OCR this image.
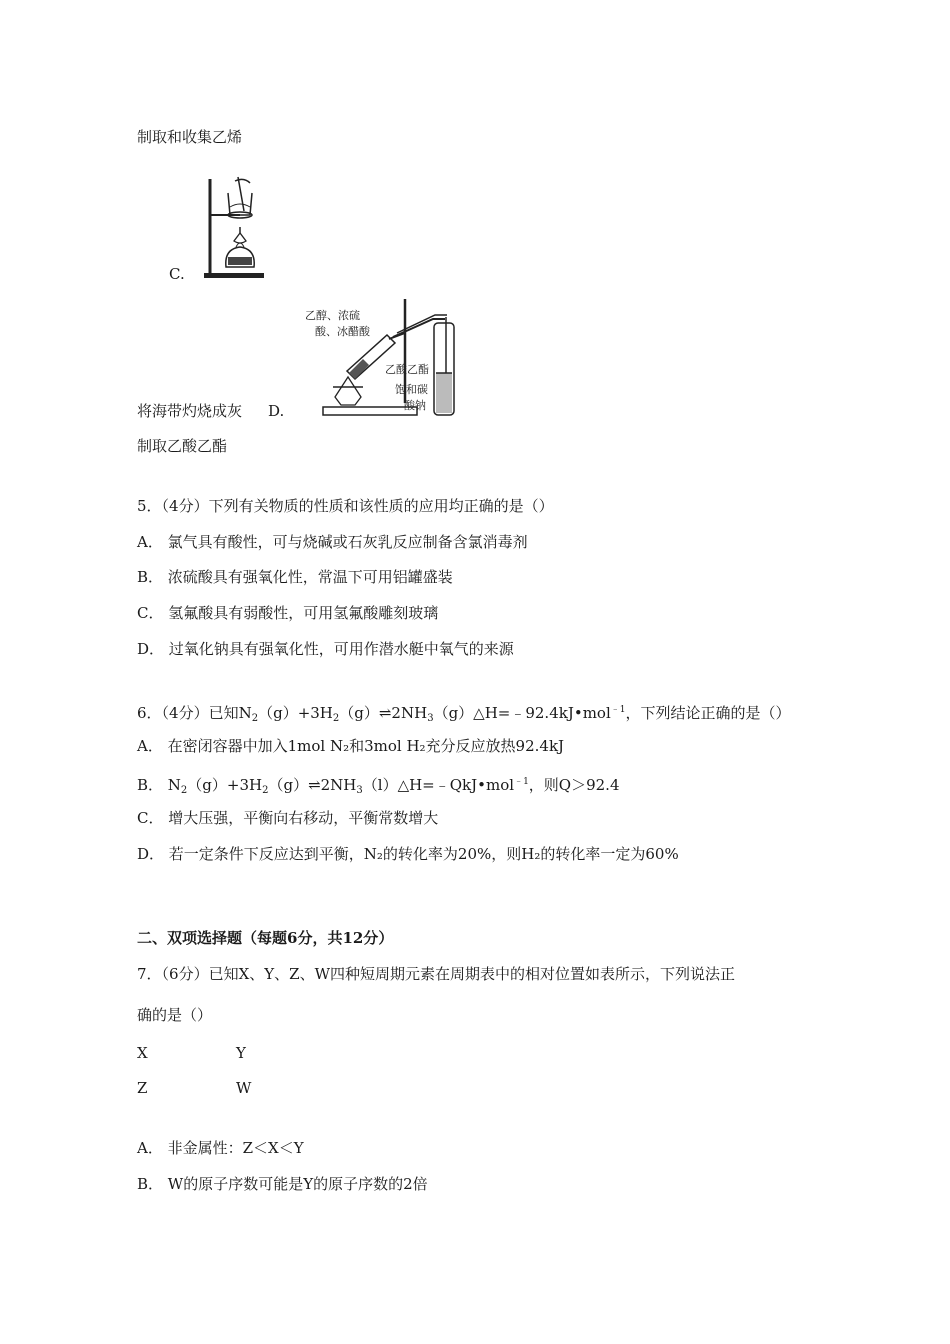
制取和收集乙烯
C.
将海带灼烧成灰 D.
乙醇、浓硫
酸、冰醋酸
乙酸乙酯
饱和碳
酸钠
制取乙酸乙酯
5．（4分）下列有关物质的性质和该性质的应用均正确的是（）
A． 氯气具有酸性，可与烧碱或石灰乳反应制备含氯消毒剂
B． 浓硫酸具有强氧化性，常温下可用铝罐盛装
C． 氢氟酸具有弱酸性，可用氢氟酸雕刻玻璃
D． 过氧化钠具有强氧化性，可用作潜水艇中氧气的来源
6．（4分）已知$N_2(g)+3H_2(g)\rightleftharpoons 2NH_3(g)\triangle H=﹣92.4kJ•mol^{﹣1}$，下列结论正确的是（）
A． 在密闭容器中加入1mol N₂和3mol H₂充分反应放热92.4kJ
B． $N_2(g)+3H_2(g)\rightleftharpoons 2NH_3(l)\triangle H=﹣QkJ•mol^{﹣1}$，则Q＞92.4
C． 增大压强，平衡向右移动，平衡常数增大
D． 若一定条件下反应达到平衡，N₂的转化率为20%，则H₂的转化率一定为60%
二、双项选择题（每题6分，共12分）
7．（6分）已知X、Y、Z、W四种短周期元素在周期表中的相对位置如表所示，下列说法正
确的是（）
X	Y
Z	W
A． 非金属性：Z＜X＜Y
B． W的原子序数可能是Y的原子序数的2倍
